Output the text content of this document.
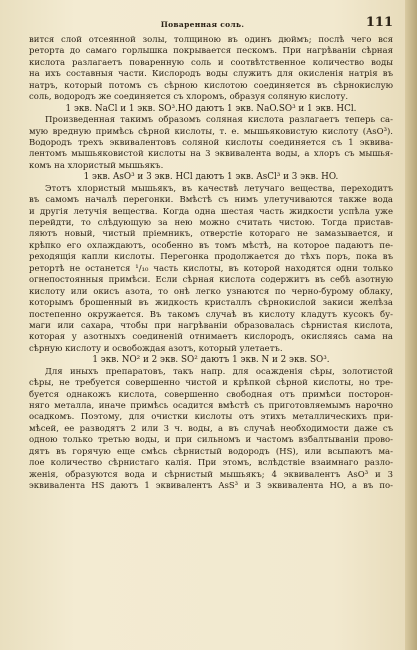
Поваренная соль.	111
вится слой отсеянной золы, толщиною въ одинъ дюймъ; послѣ чего вся
реторта до самаго горлышка покрывается пескомъ. При нагрѣваніи сѣрная
кислота разлагаетъ поваренную соль и соотвѣтственное количество воды
на ихъ составныя части. Кислородъ воды служитъ для окисленія натрія въ
натръ, который потомъ съ сѣрною кислотою соединяется въ сѣрнокислую
соль, водородъ же соединяется съ хлоромъ, образуя соляную кислоту.
1 экв. NaCl и 1 экв. SO³.HO даютъ 1 экв. NaO.SO³ и 1 экв. HCl.
Произведенная такимъ образомъ соляная кислота разлагаетъ теперь са-
мую вредную примѣсь сѣрной кислоты, т. е. мышьяковистую кислоту (AsO³).
Водородъ трехъ эквивалентовъ соляной кислоты соединяется съ 1 эквива-
лентомъ мышьяковистой кислоты на 3 эквивалента воды, а хлоръ съ мышья-
комъ на хлористый мышьякъ.
1 экв. AsO³ и 3 экв. HCl даютъ 1 экв. AsCl³ и 3 экв. HO.
Этотъ хлористый мышьякъ, въ качествѣ летучаго вещества, переходитъ
въ самомъ началѣ перегонки. Вмѣстѣ съ нимъ улетучиваются также вода
и другія летучія вещества. Когда одна шестая часть жидкости успѣла уже
перейдти, то слѣдующую за нею можно считать чистою. Тогда пристав-
ляютъ новый, чистый пріемникъ, отверстіе котораго не замазывается, и
крѣпко его охлаждаютъ, особенно въ томъ мѣстѣ, на которое падаютъ пе-
реходящія капли кислоты. Перегонка продолжается до тѣхъ поръ, пока въ
ретортѣ не останется ¹/₁₀ часть кислоты, въ которой находятся одни только
огнепостоянныя примѣси. Если сѣрная кислота содержитъ въ себѣ азотную
кислоту или окисъ азота, то онѣ легко узнаются по черно-бурому облаку,
которымъ брошенный въ жидкость кристаллъ сѣрнокислой закиси желѣза
постепенно окружается. Въ такомъ случаѣ въ кислоту кладутъ кусокъ бу-
маги или сахара, чтобы при нагрѣваніи образовалась сѣрнистая кислота,
которая у азотныхъ соединеній отнимаетъ кислородъ, окисляясь сама на
сѣрную кислоту и освобождая азотъ, который улетаетъ.
1 экв. NO² и 2 экв. SO² даютъ 1 экв. N и 2 экв. SO³.
Для иныхъ препаратовъ, такъ напр. для осажденія сѣры, золотистой
сѣры, не требуется совершенно чистой и крѣпкой сѣрной кислоты, но тре-
буется однакожъ кислота, совершенно свободная отъ примѣси посторон-
няго металла, иначе примѣсь осадится вмѣстѣ съ приготовляемымъ нарочно
осадкомъ. Поэтому, для очистки кислоты отъ этихъ металлическихъ при-
мѣсей, ее разводятъ 2 или 3 ч. воды, а въ случаѣ необходимости даже съ
одною только третью воды, и при сильномъ и частомъ взбалтываніи прово-
дятъ въ горячую еще смѣсь сѣрнистый водородъ (HS), или всыпаютъ ма-
лое количество сѣрнистаго калія. При этомъ, вслѣдствіе взаимнаго разло-
женія, образуются вода и сѣрнистый мышьякъ; 4 эквивалентъ AsO³ и 3
эквивалента HS даютъ 1 эквивалентъ AsS³ и 3 эквивалента HO, а въ по-
